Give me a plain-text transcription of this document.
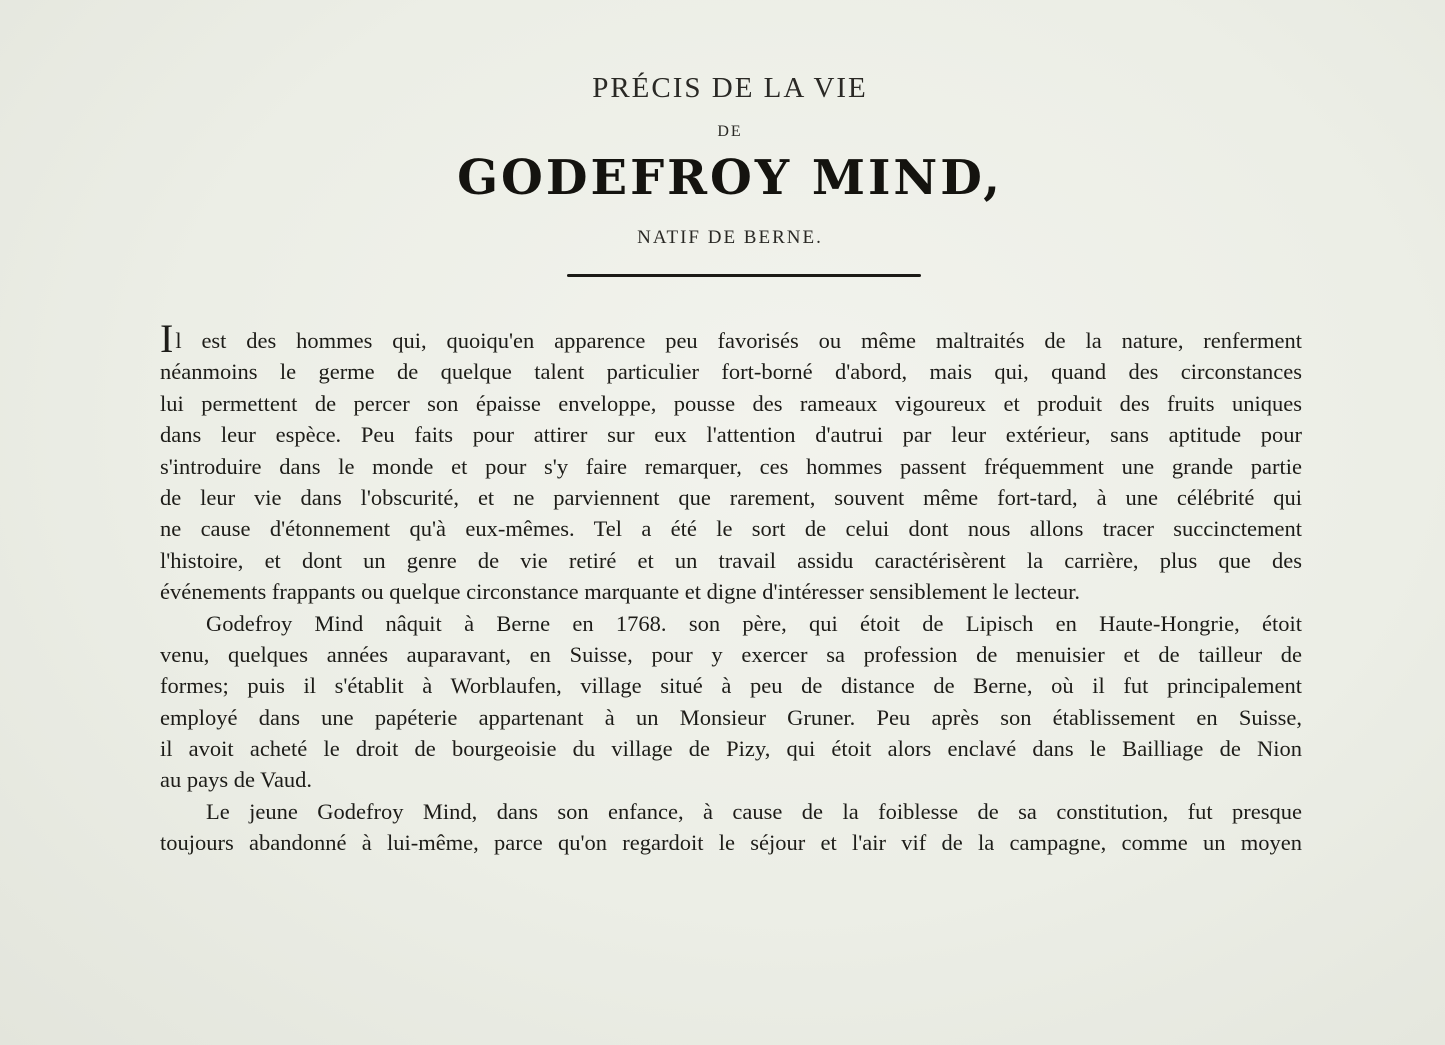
PRÉCIS DE LA VIE
DE
GODEFROY MIND,
NATIF DE BERNE.
Il est des hommes qui, quoiqu'en apparence peu favorisés ou même maltraités de la nature, renferment
néanmoins le germe de quelque talent particulier fort-borné d'abord, mais qui, quand des circonstances
lui permettent de percer son épaisse enveloppe, pousse des rameaux vigoureux et produit des fruits uniques
dans leur espèce. Peu faits pour attirer sur eux l'attention d'autrui par leur extérieur, sans aptitude pour
s'introduire dans le monde et pour s'y faire remarquer, ces hommes passent fréquemment une grande partie
de leur vie dans l'obscurité, et ne parviennent que rarement, souvent même fort-tard, à une célébrité qui
ne cause d'étonnement qu'à eux-mêmes. Tel a été le sort de celui dont nous allons tracer succinctement
l'histoire, et dont un genre de vie retiré et un travail assidu caractérisèrent la carrière, plus que des
événements frappants ou quelque circonstance marquante et digne d'intéresser sensiblement le lecteur.
Godefroy Mind nâquit à Berne en 1768. son père, qui étoit de Lipisch en Haute-Hongrie, étoit
venu, quelques années auparavant, en Suisse, pour y exercer sa profession de menuisier et de tailleur de
formes; puis il s'établit à Worblaufen, village situé à peu de distance de Berne, où il fut principalement
employé dans une papéterie appartenant à un Monsieur Gruner. Peu après son établissement en Suisse,
il avoit acheté le droit de bourgeoisie du village de Pizy, qui étoit alors enclavé dans le Bailliage de Nion
au pays de Vaud.
Le jeune Godefroy Mind, dans son enfance, à cause de la foiblesse de sa constitution, fut presque
toujours abandonné à lui-même, parce qu'on regardoit le séjour et l'air vif de la campagne, comme un moyen
